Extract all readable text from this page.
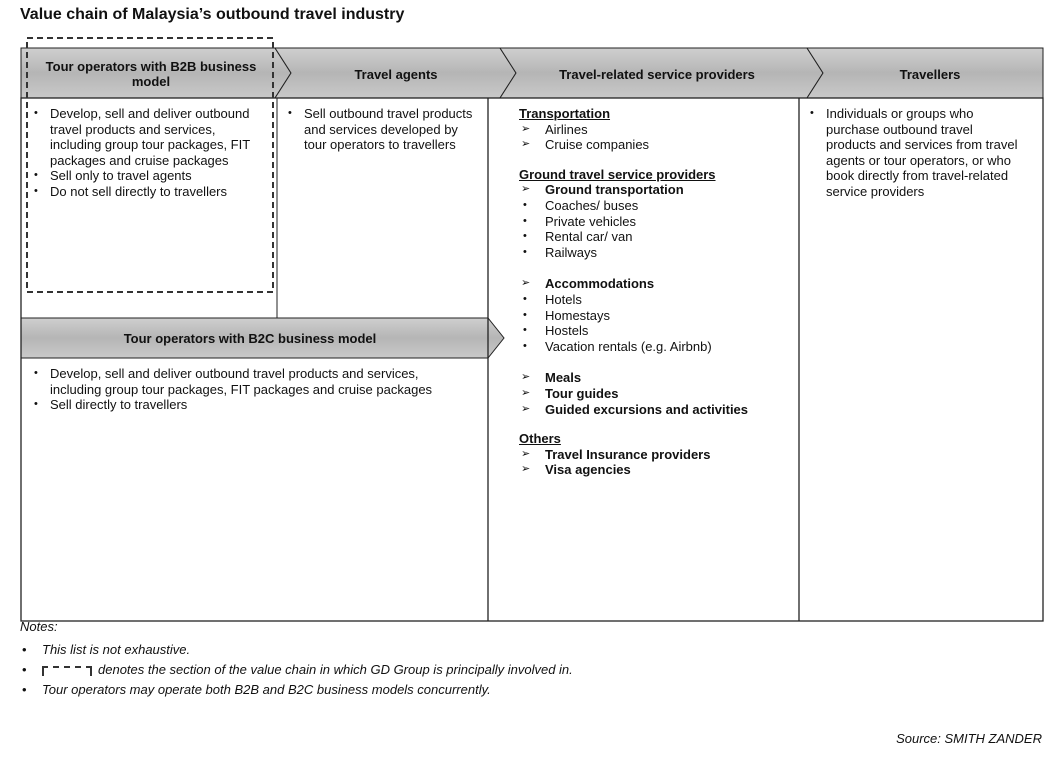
Value chain of Malaysia’s outbound travel industry
Tour operators with B2B business model	Travel agents	Travel-related service providers	Travellers
Tour operators with B2C business model
• Develop, sell and deliver outbound travel products and services, including group tour packages, FIT packages and cruise packages
• Sell only to travel agents
• Do not sell directly to travellers
• Sell outbound travel products and services developed by tour operators to travellers
• Individuals or groups who purchase outbound travel products and services from travel agents or tour operators, or who book directly from travel-related service providers
• Develop, sell and deliver outbound travel products and services, including group tour packages, FIT packages and cruise packages
• Sell directly to travellers
Transportation
➢ Airlines
➢ Cruise companies
Ground travel service providers
➢ Ground transportation
• Coaches/ buses
• Private vehicles
• Rental car/ van
• Railways
➢ Accommodations
• Hotels
• Homestays
• Hostels
• Vacation rentals (e.g. Airbnb)
➢ Meals
➢ Tour guides
➢ Guided excursions and activities
Others
➢ Travel Insurance providers
➢ Visa agencies
Notes:
• This list is not exhaustive.
• denotes the section of the value chain in which GD Group is principally involved in.
• Tour operators may operate both B2B and B2C business models concurrently.
Source: SMITH ZANDER
